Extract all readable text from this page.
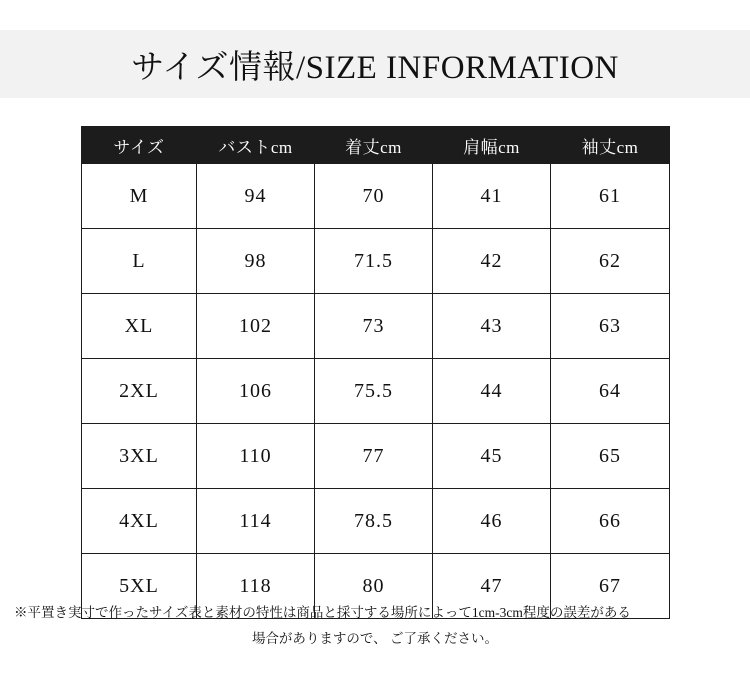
サイズ情報/SIZE INFORMATION
サイズ	バストcm	着丈cm	肩幅cm	袖丈cm
M	94	70	41	61
L	98	71.5	42	62
XL	102	73	43	63
2XL	106	75.5	44	64
3XL	110	77	45	65
4XL	114	78.5	46	66
5XL	118	80	47	67
※平置き実寸で作ったサイズ表と素材の特性は商品と採寸する場所によって1cm-3cm程度の誤差がある
場合がありますので、 ご了承ください。
